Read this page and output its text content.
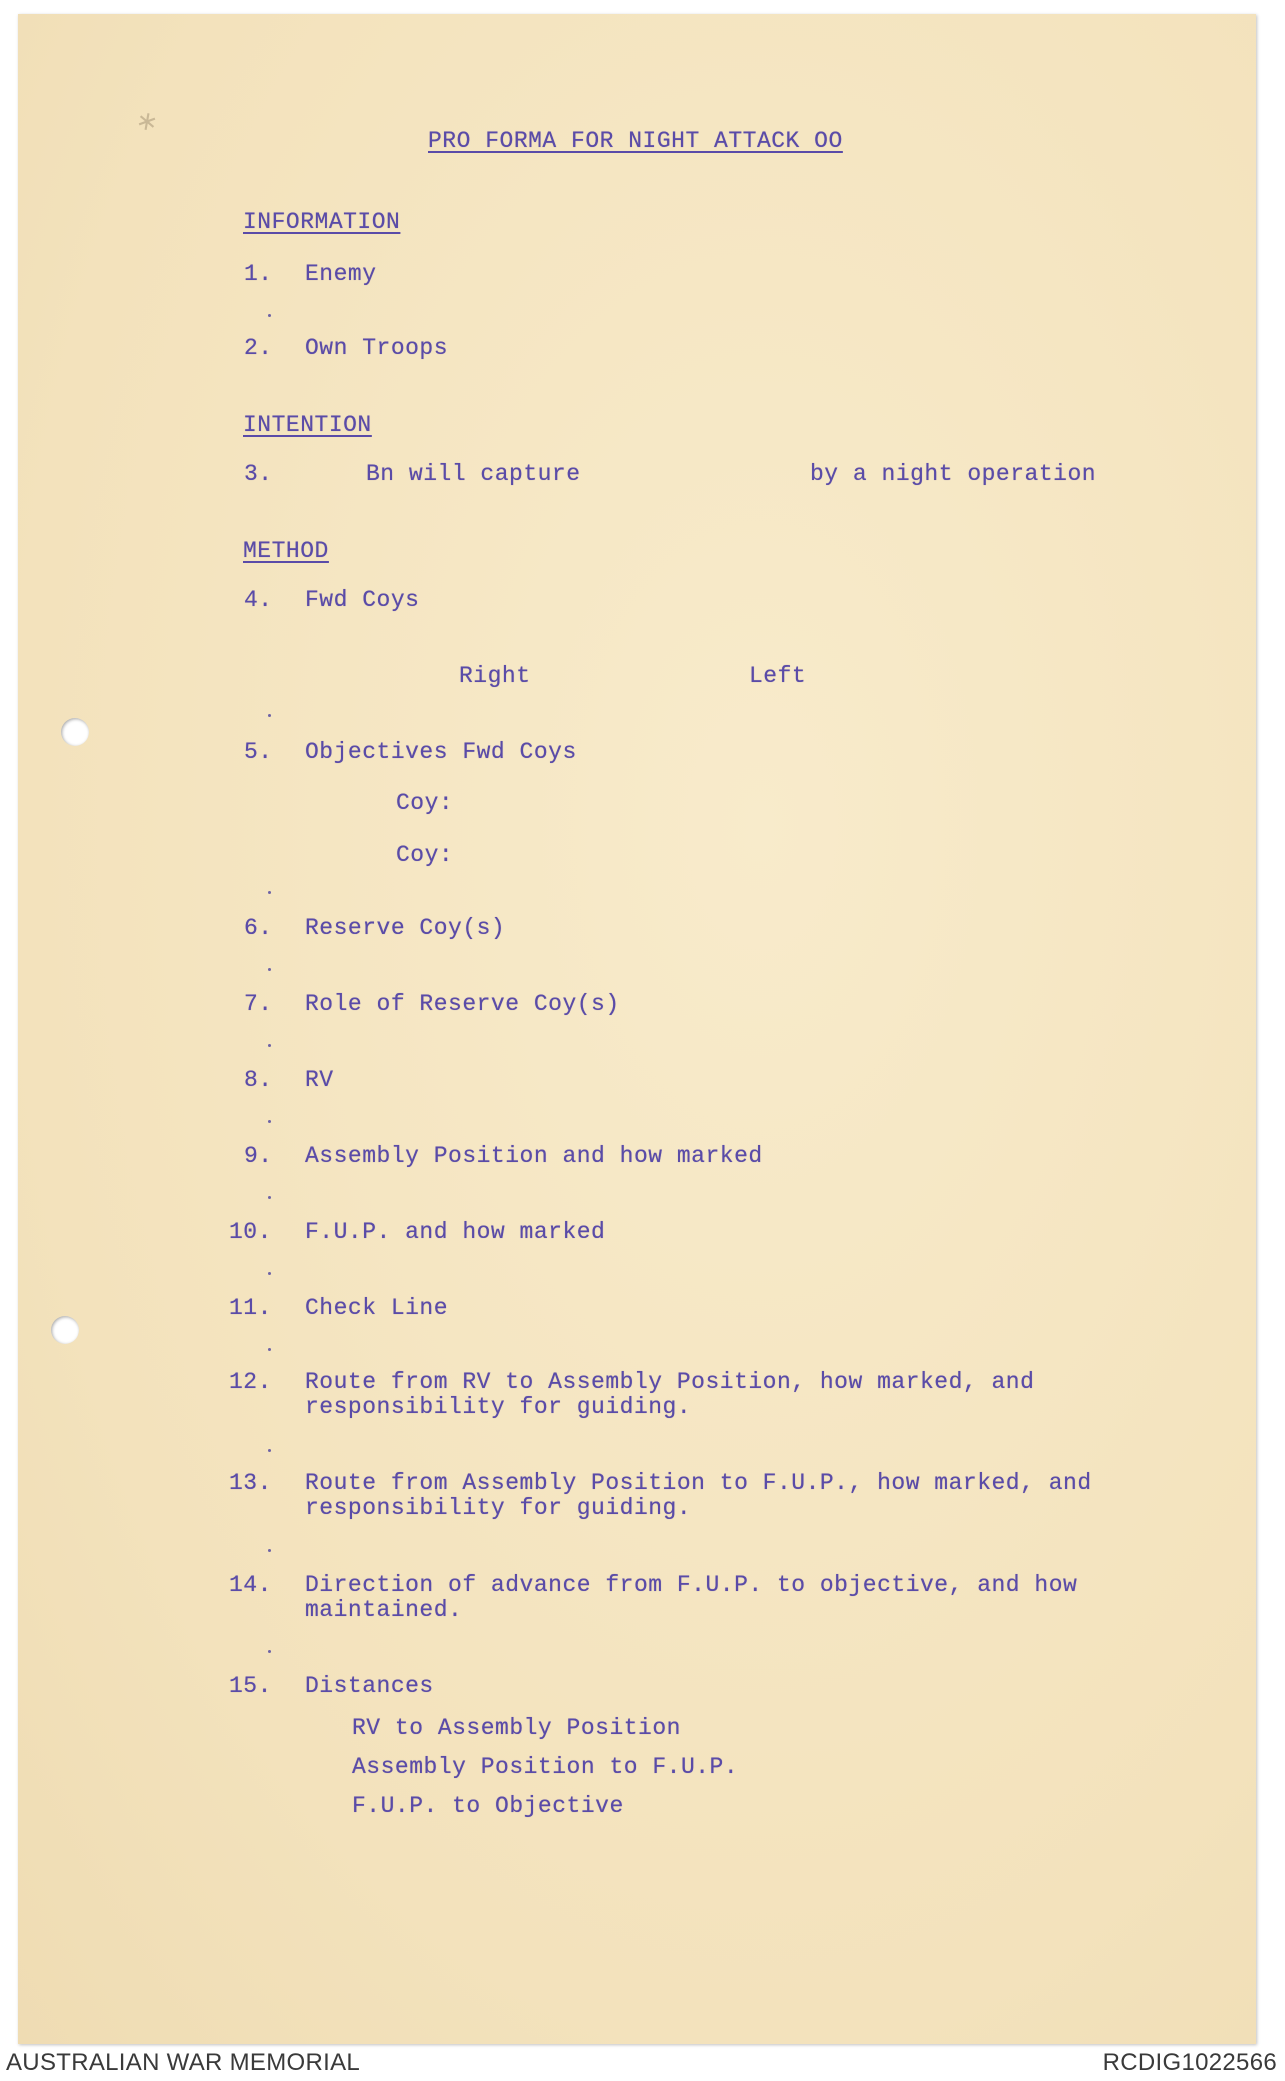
⚹	PRO FORMA FOR NIGHT ATTACK OO
INFORMATION
1. Enemy
2. Own Troops
INTENTION
3.	Bn will capture	by a night operation
METHOD
4. Fwd Coys
Right	Left
5. Objectives Fwd Coys
Coy:
Coy:
6. Reserve Coy(s)
7. Role of Reserve Coy(s)
8. RV
9. Assembly Position and how marked
10. F.U.P. and how marked
11. Check Line
12. Route from RV to Assembly Position, how marked, and
responsibility for guiding.
13. Route from Assembly Position to F.U.P., how marked, and
responsibility for guiding.
14. Direction of advance from F.U.P. to objective, and how
maintained.
15. Distances
RV to Assembly Position
Assembly Position to F.U.P.
F.U.P. to Objective
AUSTRALIAN WAR MEMORIAL	RCDIG1022566
